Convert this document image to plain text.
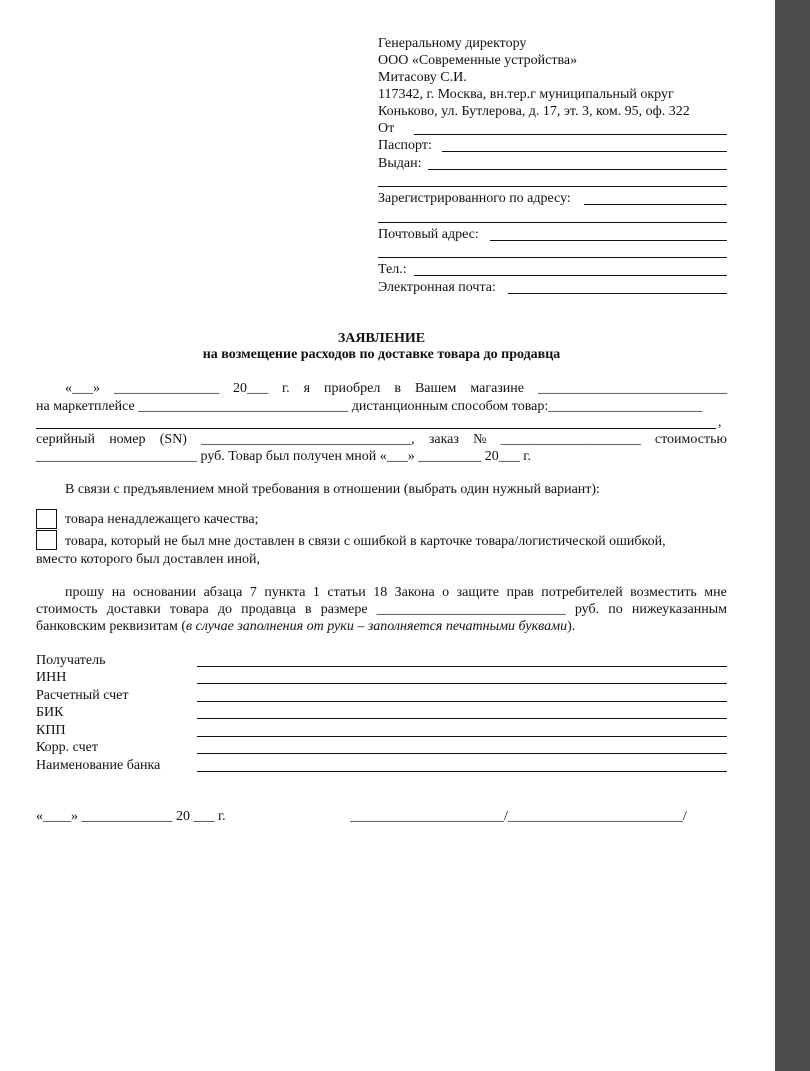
Генеральному директору
ООО «Современные устройства»
Митасову С.И.
117342, г. Москва, вн.тер.г муниципальный округ
Коньково, ул. Бутлерова, д. 17, эт. 3, ком. 95, оф. 322
От
Паспорт:
Выдан:
Зарегистрированного по адресу:
Почтовый адрес:
Тел.:
Электронная почта:
ЗАЯВЛЕНИЕ
на возмещение расходов по доставке товара до продавца
«___» _______________ 20___ г. я приобрел в Вашем магазине ___________________________
на маркетплейсе ______________________________ дистанционным способом товар:______________________
,
серийный номер (SN) ______________________________, заказ № ____________________ стоимостью
_______________________ руб. Товар был получен мной «___» _________ 20___ г.
В связи с предъявлением мной требования в отношении (выбрать один нужный вариант):
товара ненадлежащего качества;
товара, который не был мне доставлен в связи с ошибкой в карточке товара/логистической ошибкой,
вместо которого был доставлен иной,
прошу на основании абзаца 7 пункта 1 статьи 18 Закона о защите прав потребителей возместить мне
стоимость доставки товара до продавца в размере ___________________________ руб. по нижеуказанным
банковским реквизитам (в случае заполнения от руки – заполняется печатными буквами).
Получатель
ИНН
Расчетный счет
БИК
КПП
Корр. счет
Наименование банка
«____» _____________ 20 ___ г.	______________________/_________________________/
